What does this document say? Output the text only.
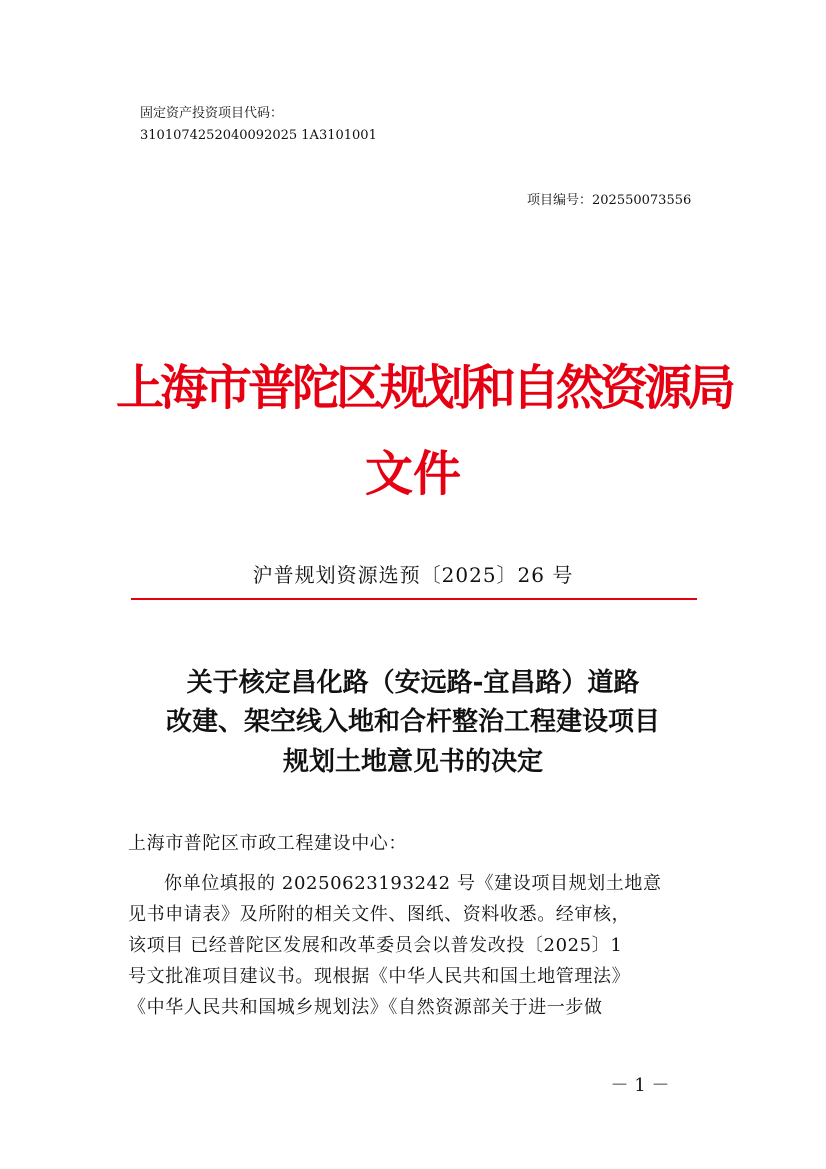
固定资产投资项目代码：
3101074252040092025 1A3101001
项目编号：202550073556
上海市普陀区规划和自然资源局
文件
沪普规划资源选预〔2025〕26 号
关于核定昌化路（安远路-宜昌路）道路
改建、架空线入地和合杆整治工程建设项目
规划土地意见书的决定
上海市普陀区市政工程建设中心：
你单位填报的 20250623193242 号《建设项目规划土地意
见书申请表》及所附的相关文件、图纸、资料收悉。经审核，
该项目 已经普陀区发展和改革委员会以普发改投〔2025〕1
号文批准项目建议书。现根据《中华人民共和国土地管理法》
《中华人民共和国城乡规划法》《自然资源部关于进一步做
－ 1 －
